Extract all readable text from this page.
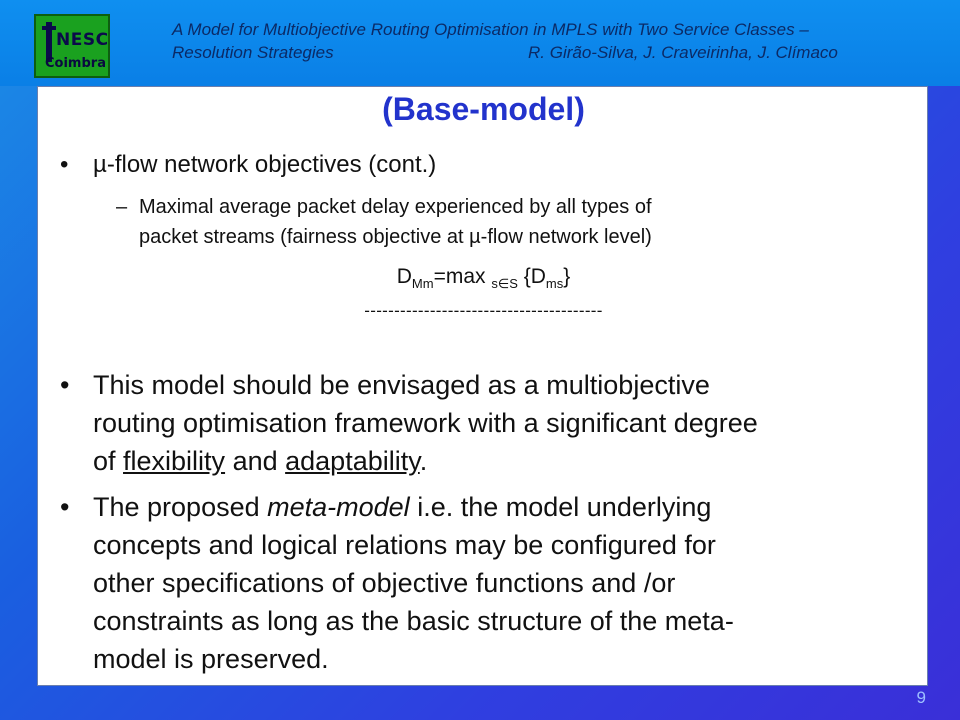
NESC
Coimbra
A Model for Multiobjective Routing Optimisation in MPLS with Two Service Classes –
Resolution Strategies	R. Girão-Silva, J. Craveirinha, J. Clímaco
(Base-model)
• µ-flow network objectives (cont.)
– Maximal average packet delay experienced by all types of
packet streams (fairness objective at µ-flow network level)
$D_{Mm}=\max$ $_{s\in S}$ $\{D_{ms}\}$
----------------------------------------
• This model should be envisaged as a multiobjective
routing optimisation framework with a significant degree
of flexibility and adaptability.
• The proposed meta-model i.e. the model underlying
concepts and logical relations may be configured for
other specifications of objective functions and /or
constraints as long as the basic structure of the meta-
model is preserved.
9
